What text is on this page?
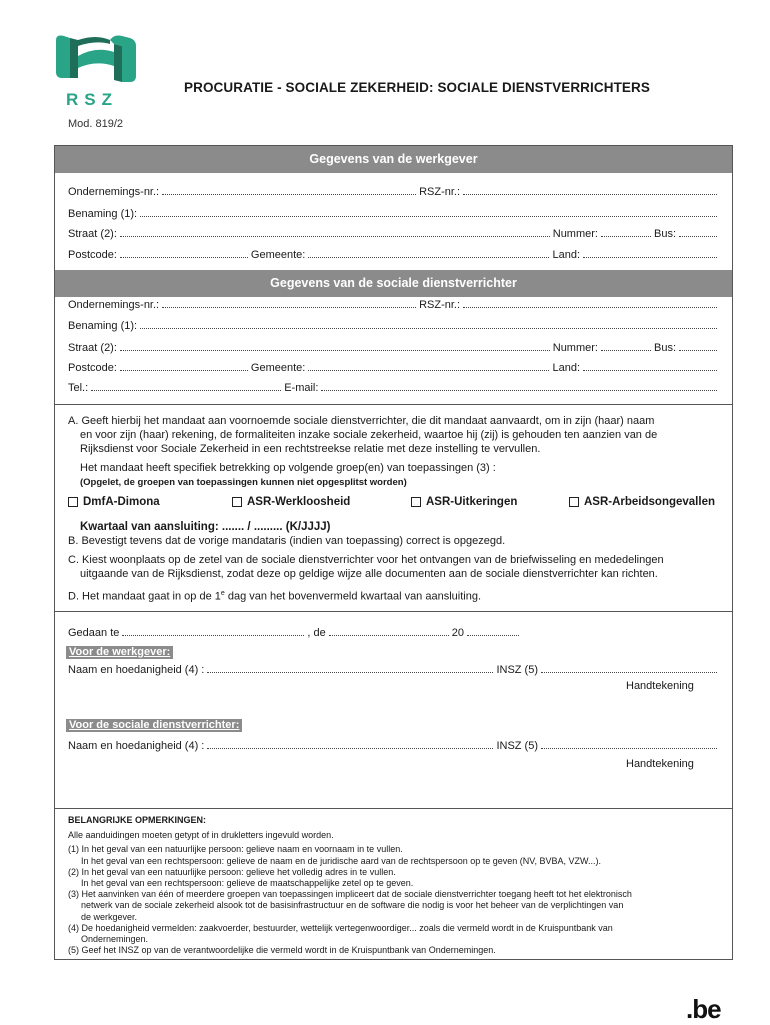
RSZ
Mod. 819/2
PROCURATIE - SOCIALE ZEKERHEID: SOCIALE DIENSTVERRICHTERS
Gegevens van de werkgever
Ondernemings-nr.:	RSZ-nr.:
Benaming (1):
Straat (2):	Nummer:	Bus:
Postcode:	Gemeente:	Land:
Gegevens van de sociale dienstverrichter
Ondernemings-nr.:	RSZ-nr.:
Benaming (1):
Straat (2):	Nummer:	Bus:
Postcode:	Gemeente:	Land:
Tel.:	E-mail:
A. Geeft hierbij het mandaat aan voornoemde sociale dienstverrichter, die dit mandaat aanvaardt, om in zijn (haar) naam
en voor zijn (haar) rekening, de formaliteiten inzake sociale zekerheid, waartoe hij (zij) is gehouden ten aanzien van de
Rijksdienst voor Sociale Zekerheid in een rechtstreekse relatie met deze instelling te vervullen.
Het mandaat heeft specifiek betrekking op volgende groep(en) van toepassingen (3) :
(Opgelet, de groepen van toepassingen kunnen niet opgesplitst worden)
DmfA-Dimona	ASR-Werkloosheid	ASR-Uitkeringen	ASR-Arbeidsongevallen
Kwartaal van aansluiting: ....... / ......... (K/JJJJ)
B. Bevestigt tevens dat de vorige mandataris (indien van toepassing) correct is opgezegd.
C. Kiest woonplaats op de zetel van de sociale dienstverrichter voor het ontvangen van de briefwisseling en mededelingen
uitgaande van de Rijksdienst, zodat deze op geldige wijze alle documenten aan de sociale dienstverrichter kan richten.
D. Het mandaat gaat in op de 1e dag van het bovenvermeld kwartaal van aansluiting.
Gedaan te	, de	20
Voor de werkgever:
Naam en hoedanigheid (4) :	INSZ (5)
Handtekening
Voor de sociale dienstverrichter:
Naam en hoedanigheid (4) :	INSZ (5)
Handtekening

BELANGRIJKE OPMERKINGEN:

Alle aanduidingen moeten getypt of in drukletters ingevuld worden.

(1) In het geval van een natuurlijke persoon: gelieve naam en voornaam in te vullen.

In het geval van een rechtspersoon: gelieve de naam en de juridische aard van de rechtspersoon op te geven (NV, BVBA, VZW...).

(2) In het geval van een natuurlijke persoon: gelieve het volledig adres in te vullen.

In het geval van een rechtspersoon: gelieve de maatschappelijke zetel op te geven.

(3) Het aanvinken van één of meerdere groepen van toepassingen impliceert dat de sociale dienstverrichter toegang heeft tot het elektronisch

netwerk van de sociale zekerheid alsook tot de basisinfrastructuur en de software die nodig is voor het beheer van de verplichtingen van

de werkgever.

(4) De hoedanigheid vermelden: zaakvoerder, bestuurder, wettelijk vertegenwoordiger... zoals die vermeld wordt in de Kruispuntbank van

Ondernemingen.

(5) Geef het INSZ op van de verantwoordelijke die vermeld wordt in de Kruispuntbank van Ondernemingen.

.be
